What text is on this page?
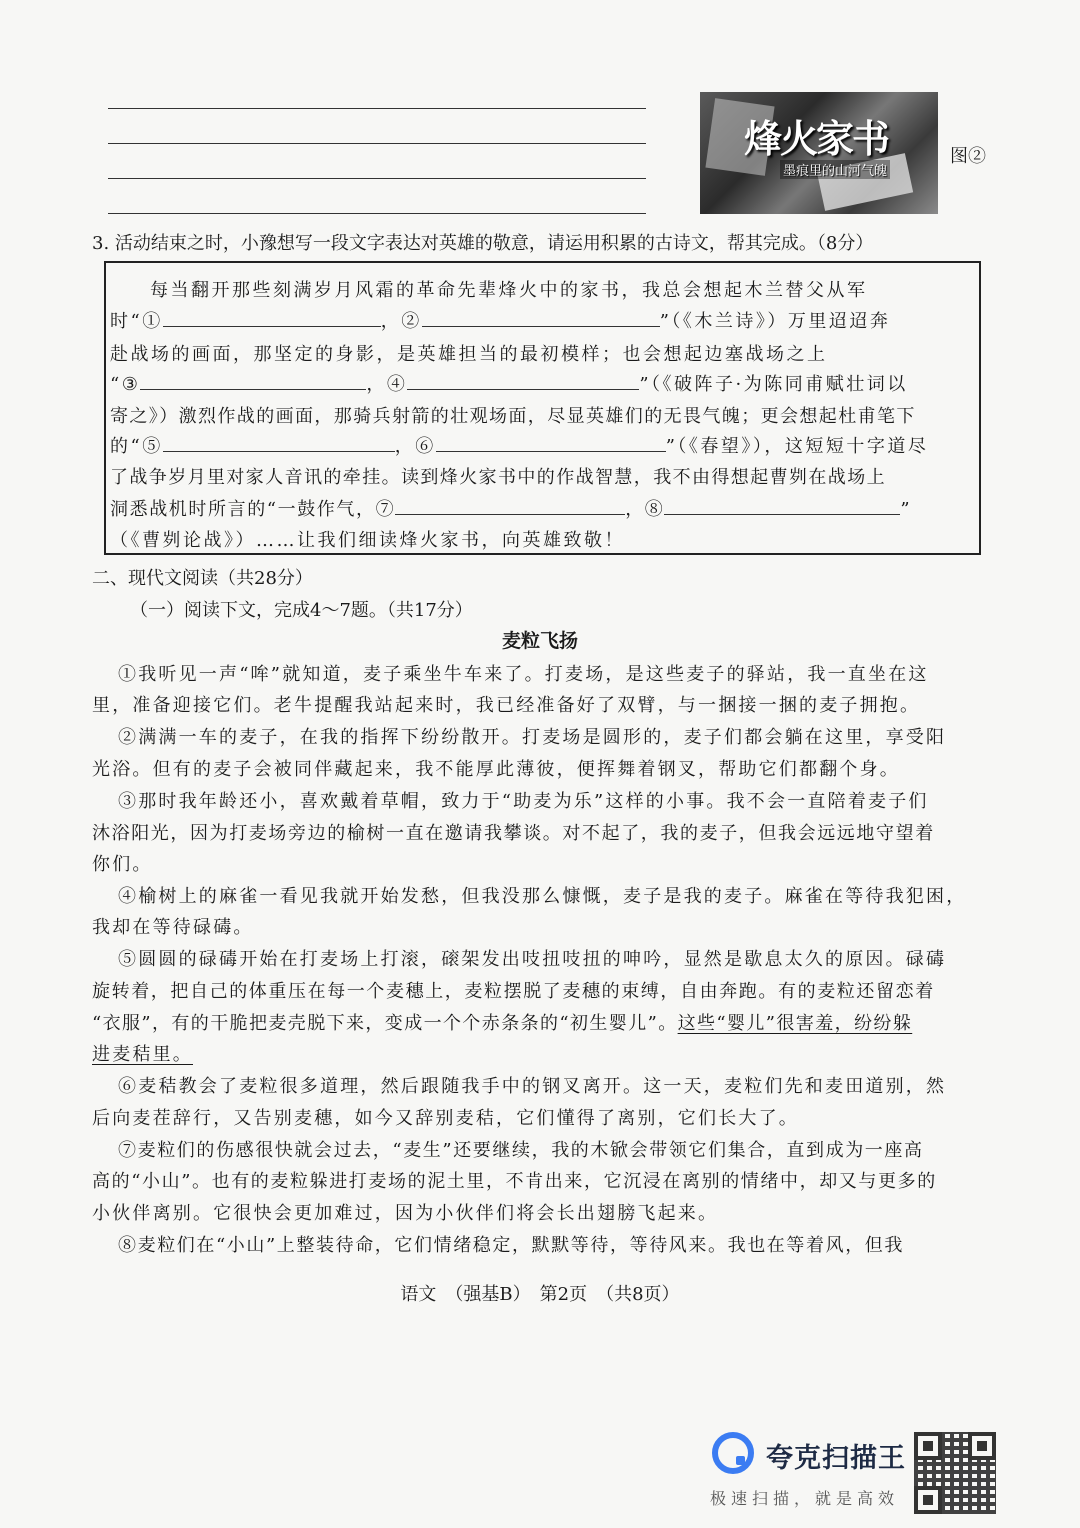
烽火家书
墨痕里的山河气魄
图②
3. 活动结束之时，小豫想写一段文字表达对英雄的敬意，请运用积累的古诗文，帮其完成。（8分）
每当翻开那些刻满岁月风霜的革命先辈烽火中的家书，我总会想起木兰替父从军
时“①	，②	”（《木兰诗》）万里迢迢奔
赴战场的画面，那坚定的身影，是英雄担当的最初模样；也会想起边塞战场之上
“③	，④	”（《破阵子·为陈同甫赋壮词以
寄之》）激烈作战的画面，那骑兵射箭的壮观场面，尽显英雄们的无畏气魄；更会想起杜甫笔下
的“⑤	，⑥	”（《春望》），这短短十字道尽
了战争岁月里对家人音讯的牵挂。读到烽火家书中的作战智慧，我不由得想起曹刿在战场上
洞悉战机时所言的“一鼓作气，⑦	，⑧	”
（《曹刿论战》）……让我们细读烽火家书，向英雄致敬！
二、现代文阅读（共28分）
（一）阅读下文，完成4～7题。（共17分）
麦粒飞扬
①我听见一声“哞”就知道，麦子乘坐牛车来了。打麦场，是这些麦子的驿站，我一直坐在这
里，准备迎接它们。老牛提醒我站起来时，我已经准备好了双臂，与一捆接一捆的麦子拥抱。
②满满一车的麦子，在我的指挥下纷纷散开。打麦场是圆形的，麦子们都会躺在这里，享受阳
光浴。但有的麦子会被同伴藏起来，我不能厚此薄彼，便挥舞着钢叉，帮助它们都翻个身。
③那时我年龄还小，喜欢戴着草帽，致力于“助麦为乐”这样的小事。我不会一直陪着麦子们
沐浴阳光，因为打麦场旁边的榆树一直在邀请我攀谈。对不起了，我的麦子，但我会远远地守望着
你们。
④榆树上的麻雀一看见我就开始发愁，但我没那么慷慨，麦子是我的麦子。麻雀在等待我犯困，
我却在等待碌碡。
⑤圆圆的碌碡开始在打麦场上打滚，磙架发出吱扭吱扭的呻吟，显然是歇息太久的原因。碌碡
旋转着，把自己的体重压在每一个麦穗上，麦粒摆脱了麦穗的束缚，自由奔跑。有的麦粒还留恋着
“衣服”，有的干脆把麦壳脱下来，变成一个个赤条条的“初生婴儿”。这些“婴儿”很害羞，纷纷躲
进麦秸里。
⑥麦秸教会了麦粒很多道理，然后跟随我手中的钢叉离开。这一天，麦粒们先和麦田道别，然
后向麦茬辞行，又告别麦穗，如今又辞别麦秸，它们懂得了离别，它们长大了。
⑦麦粒们的伤感很快就会过去，“麦生”还要继续，我的木锨会带领它们集合，直到成为一座高
高的“小山”。也有的麦粒躲进打麦场的泥土里，不肯出来，它沉浸在离别的情绪中，却又与更多的
小伙伴离别。它很快会更加难过，因为小伙伴们将会长出翅膀飞起来。
⑧麦粒们在“小山”上整装待命，它们情绪稳定，默默等待，等待风来。我也在等着风，但我
语文　（强基B）　第2页　（共8页）
夸克扫描王
极速扫描，就是高效
